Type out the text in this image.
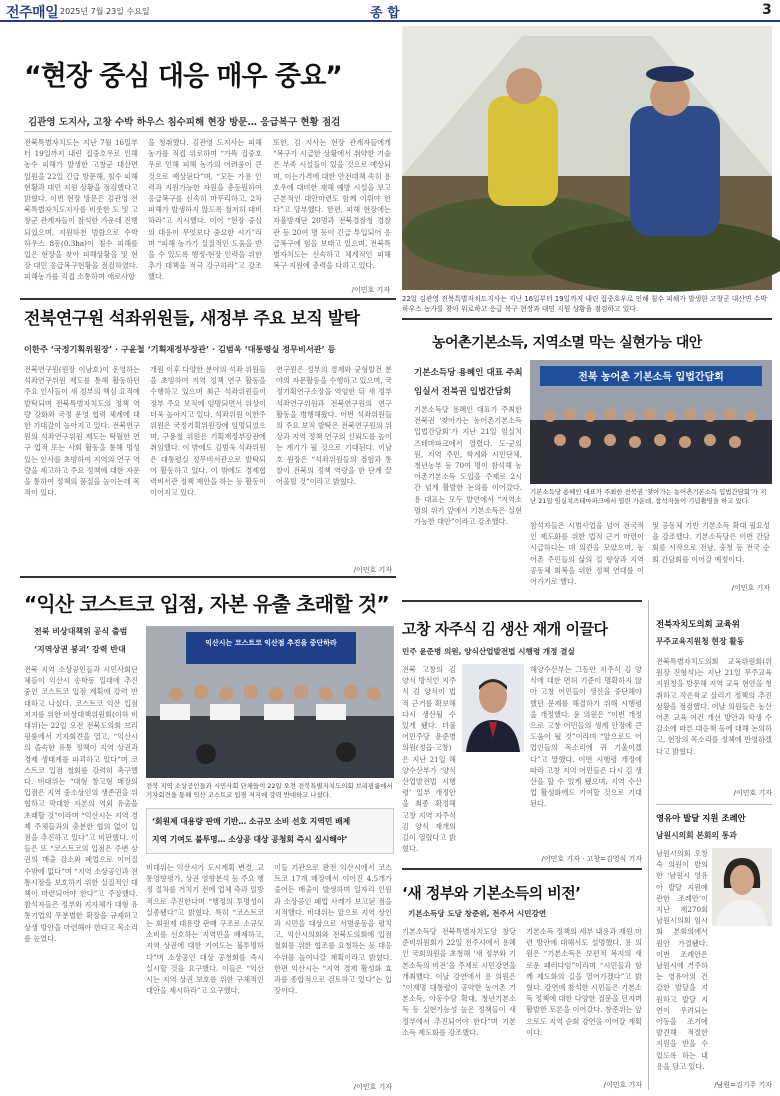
전주매일 2025년 7월 23일 수요일	종 합	3
“현장 중심 대응 매우 중요”
김관영 도지사, 고창 수박 하우스 침수피해 현장 방문… 응급복구 현황 점검
전북특별자치도는 지난 7월 16일부터 19일까지 내린 집중호우로 인해 농수 피해가 발생한 고창군 대산면 일원을 22일 긴급 방문해, 침수 피해 현황과 대민 지원 상황을 점검했다고 밝혔다. 이번 현장 방문은 김관영 전북특별자치도지사를 비롯한 도 및 고창군 관계자들이 참석한 가운데 진행되었으며, 지원하천 범람으로 수박 하우스 8동(0.3ha)이 침수 피해를 입은 현장을 찾아 피해상황을 및 현장 대민 응급복구현황을 점검하였다. 피해농가를 직접 소통하며 애로사항
을 청취했다. 김관영 도지사는 피해 농가를 직접 위로하며 “가뜩 집중호우로 인해 피해 농가의 어려움이 큰 것으로 예상된다”며, “모든 가용 인력과 지원가능한 자원을 총동원하여 응급복구를 신속히 마무리하고, 2차 피해가 발생하지 않도록 철저히 대비하라”고 지시했다. 이어 “현장 중심의 대응이 무엇보다 중요한 시기”라며 “피해 농가가 실질적인 도움을 받을 수 있도록 행정·현장 인력을 위한 추가 대책을 적극 강구하라”고 강조했다.
또한, 김 지사는 현장 관계자들에게 “복구가 시급한 상황에서 취약한 기술은 부족 시설들이 있을 것으로 예상되며, 이는가격에 대한 안전대책 속히 용 호우에 대비한 재해 예방 시설을 보고 근본적인 대안마련도 함께 이뤄야 한다”고 당부했다. 한편, 피해 현장에는 자율방재단 20명과 전북경찰청 경찰관 등 20여 명 등이 긴급 투입되어 응급복구에 힘을 보태고 있으며, 전북특별자치도는 신속하고 체계적인 피해 복구 지원에 총력을 다하고 있다.
/이민호 기자
22일 김관영 전북특별자치도지사는 지난 16일부터 19일까지 내린 집중호우로 인해 침수 피해가 발생한 고창군 대산면 수박하우스 농가를 찾아 위로하고 응급 복구 현장과 대민 지원 상황을 점검하고 있다.
전북연구원 석좌위원들, 새정부 주요 보직 발탁
이한주 ‘국정기획위원장’ · 구윤철 ‘기획재정부장관’ · 김범욱 ‘대통령실 정무비서관’ 등
전북연구원(원장 이남호)이 운영하는 석좌연구위원 제도를 통해 활동하던 주요 인사들이 새 정부의 핵심 요직에 발탁되며 전북특별자치도의 정책 역량 강화와 국정 운영 협력 체계에 대한 기대감이 높아지고 있다. 전북연구원의 석좌연구위원 제도는 탁월한 연구 업적 또는 사회 활동을 통해 명성 있는 인사를 초빙하여 지역의 연구 역량을 제고하고 주요 정책에 대한 자문을 통하여 정책의 품질을 높이는데 목적이 있다.
개원 이후 다양한 분야의 석좌 위원들을 초빙하여 지역 정책 연구 활동을 수행하고 있으며 최근 석좌위원들이 정부 주요 보직에 임명되면서 위상이 더욱 높아지고 있다. 석좌위원 이한주 위원은 국정기획위원장에 임명되었으며, 구윤철 위원은 기획재정부장관에 취임했다. 이 밖에도 김범욱 석좌위원은 대통령실 정무비서관으로 발탁되어 활동하고 있다. 이 밖에도 경제협력비서관 정책 제안을 하는 등 활동이 이어지고 있다.
연구원은 정부의 경제와 균형발전 분야의 자문활동을 수행하고 있으며, 국정기획연구소장을 역임한 뒤 새 정부 석좌연구위원과 전북연구원의 연구 활동을 병행해왔다. 이번 석좌위원들의 주요 보직 발탁은 전북연구원의 위상과 지역 정책 연구의 신뢰도를 높이는 계기가 될 것으로 기대된다. 이남호 원장은 “석좌위원들의 경험과 통찰이 전북의 정책 역량을 한 단계 끌어올릴 것”이라고 밝혔다.
/이민호 기자
농어촌기본소득, 지역소멸 막는 실현가능 대안
기본소득당 용혜인 대표 주최
임실서 전북권 입법간담회
전북 농어촌 기본소득 입법간담회
기본소득당 용혜인 대표가 주최한 전북권 ‘찾아가는 농어촌기본소득 입법간담회’가 지난 21일 임실치즈테마파크에서 열렸다. 도·군의원, 지역 주민, 학계와 시민단체, 청년농부 등 70여 명이 참석해 농어촌기본소득 도입을 주제로 2시간 넘게 활발한 논의를 이어갔다. 용 대표는 모두 발언에서 “지역소멸의 위기 앞에서 기본소득은 실현 가능한 대안”이라고 강조했다.
기본소득당 용혜인 대표가 주최한 전북권 ‘찾아가는 농어촌기본소득 입법간담회’가 지난 21일 임실치즈테마파크에서 열린 가운데, 참석자들이 기념촬영을 하고 있다.
참석자들은 시범사업을 넘어 전국적인 제도화를 위한 법적 근거 마련이 시급하다는 데 의견을 모았으며, 농어촌 주민들의 삶의 질 향상과 지역 공동체 회복을 위한 정책 연대를 이어가기로 했다.
및 공동체 기반 기본소득 확대 필요성을 강조했다. 기본소득당은 이번 간담회를 시작으로 전남, 충청 등 전국 순회 간담회를 이어갈 예정이다.
/이민호 기자
“익산 코스트코 입점, 자본 유출 초래할 것”
전북 비상대책위 공식 출범
‘지역상권 붕괴’ 강력 반대
전북 지역 소상공인들과 시민사회단체들이 익산시 송학동 일대에 추진 중인 코스트코 입점 계획에 강력 반대하고 나섰다. 코스트코 익산 입점 저지를 위한 비상대책위원회(이하 비대위)는 22일 오전 전북도의회 브리핑룸에서 기자회견을 열고, “익산시의 졸속한 유통 정책이 지역 상권과 경제 생태계를 파괴하고 있다”며 코스트코 입점 철회를 강력히 촉구했다. 비대위는 “대형 창고형 매장의 입점은 지역 중소상인의 생존권을 위협하고 막대한 자본의 역외 유출을 초래할 것”이라며 “익산시는 지역 경제 주체들과의 충분한 협의 없이 입점을 추진하고 있다”고 비판했다. 이들은 또 “코스트코의 입점은 주변 상권의 매출 감소와 폐업으로 이어질 수밖에 없다”며 “지역 소상공인과 전통시장을 보호하기 위한 실질적인 대책이 마련되어야 한다”고 주장했다. 참석자들은 정부와 지자체가 대형 유통기업의 무분별한 확장을 규제하고 상생 방안을 마련해야 한다고 목소리를 높였다.
익산시는 코스트코 익산점 추진을 중단하라
전북 지역 소상공인들과 시민사회 단체들이 22일 오전 전북특별자치도의회 브리핑룸에서 기자회견을 통해 익산 코스트코 입점 저지에 강력 반대하고 나섰다.
‘회원제 대용량 판매 기반… 소규모 소비 선호 지역민 배제
지역 기여도 불투명… 소상공 대상 공청회 즉시 실시해야’
비대위는 익산시가 도시계획 변경, 교통영향평가, 상권 영향분석 등 주요 행정 절차를 거치기 전에 업체 측과 일방적으로 추진한다며 “행정의 투명성이 실종됐다”고 밝혔다. 특히 “코스트코는 회원제 대용량 판매 구조로 소규모 소비를 선호하는 지역민을 배제하고, 지역 상권에 대한 기여도는 불투명하다”며 소상공인 대상 공청회를 즉시 실시할 것을 요구했다. 이들은 “익산시는 지역 상권 보호를 위한 구체적인 대안을 제시하라”고 요구했다.
이들 기관으로 완전 익산시에서 코스트코 17개 매장에서 이어진 4.5개가 줄어든 매출이 발생하며 일자리 인원과 소상공인 폐업 사례가 보고된 점을 지적했다. 비대위는 앞으로 지역 상인과 시민을 대상으로 서명운동을 펼치고, 익산시의회와 전북도의회에 입점 철회를 위한 협조를 요청하는 등 대응 수위를 높여나갈 계획이라고 밝혔다. 한편 익산시는 “지역 경제 활성화 효과를 종합적으로 검토하고 있다”는 입장이다.
/이민호 기자
고창 자주식 김 생산 재개 이끌다
민주 윤준병 의원, 양식산업발전법 시행령 개정 결실
전북 고창의 김 양식 방식인 지주식 김 양식이 법적 근거를 확보해 다시 생산될 수 있게 됐다. 더불어민주당 윤준병 의원(정읍·고창)은 지난 21일 해양수산부가 ‘양식산업발전법 시행령’ 일부 개정안을 최종 확정해 고창 지역 자주식 김 양식 재개의 길이 열렸다고 밝혔다.
해양수산부는 그동안 지주식 김 양식에 대한 면허 기준이 명확하지 않아 고창 어민들이 생산을 중단해야 했던 문제를 해결하기 위해 시행령을 개정했다. 윤 의원은 “이번 개정으로 고창 어민들의 생계 안정에 큰 도움이 될 것”이라며 “앞으로도 어업인들의 목소리에 귀 기울이겠다”고 말했다. 이번 시행령 개정에 따라 고창 지역 어민들은 다시 김 생산을 할 수 있게 됐으며, 지역 수산업 활성화에도 기여할 것으로 기대된다.
/이민호 기자 · 고창=김영식 기자
‘새 정부와 기본소득의 비전’
기본소득당 도당 창준위, 전주서 시민강연
기본소득당 전북특별자치도당 창당준비위원회가 22일 전주시에서 용혜인 국회의원을 초청해 ‘새 정부와 기본소득의 비전’을 주제로 시민강연을 개최했다. 이날 강연에서 용 의원은 “이재명 대통령이 공약한 농어촌 기본소득, 아동수당 확대, 청년기본소득 등 실현가능성 높은 정책들이 새 정부에서 추진되어야 한다”며 기본소득 제도화를 강조했다.
기본소득 정책의 세부 내용과 재원 마련 방안에 대해서도 설명했다. 용 의원은 “기본소득은 보편적 복지의 새로운 패러다임”이라며 “시민들과 함께 제도화의 길을 열어가겠다”고 밝혔다. 강연에 참석한 시민들은 기본소득 정책에 대한 다양한 질문을 던지며 활발한 토론을 이어갔다. 창준위는 앞으로도 지역 순회 강연을 이어갈 계획이다.
/이민호 기자
전북자치도의회 교육위
무주교육지원청 현장 활동
전북특별자치도의회 교육위원회(위원장 진형석)는 지난 21일 무주교육지원청을 방문해 지역 교육 현안을 청취하고 작은학교 살리기 정책의 추진 상황을 점검했다. 이날 의원들은 농산어촌 교육 여건 개선 방안과 학생 수 감소에 따른 대응책 등에 대해 논의하고, 현장의 목소리를 정책에 반영하겠다고 밝혔다.
/이민호 기자
영유아 발달 지원 조례안
남원시의회 본회의 통과
남원시의회 오창숙 의원이 발의한 ‘남원시 영유아 발달 지원에 관한 조례안’이 지난 제270회 남원시의회 임시회 본회의에서 원안 가결됐다. 이번 조례안은 남원시에 거주하는 영유아의 건강한 발달을 지원하고 발달 지연이 우려되는 아동을 조기에 발견해 적절한 지원을 받을 수 있도록 하는 내용을 담고 있다.
/남원=김기주 기자
